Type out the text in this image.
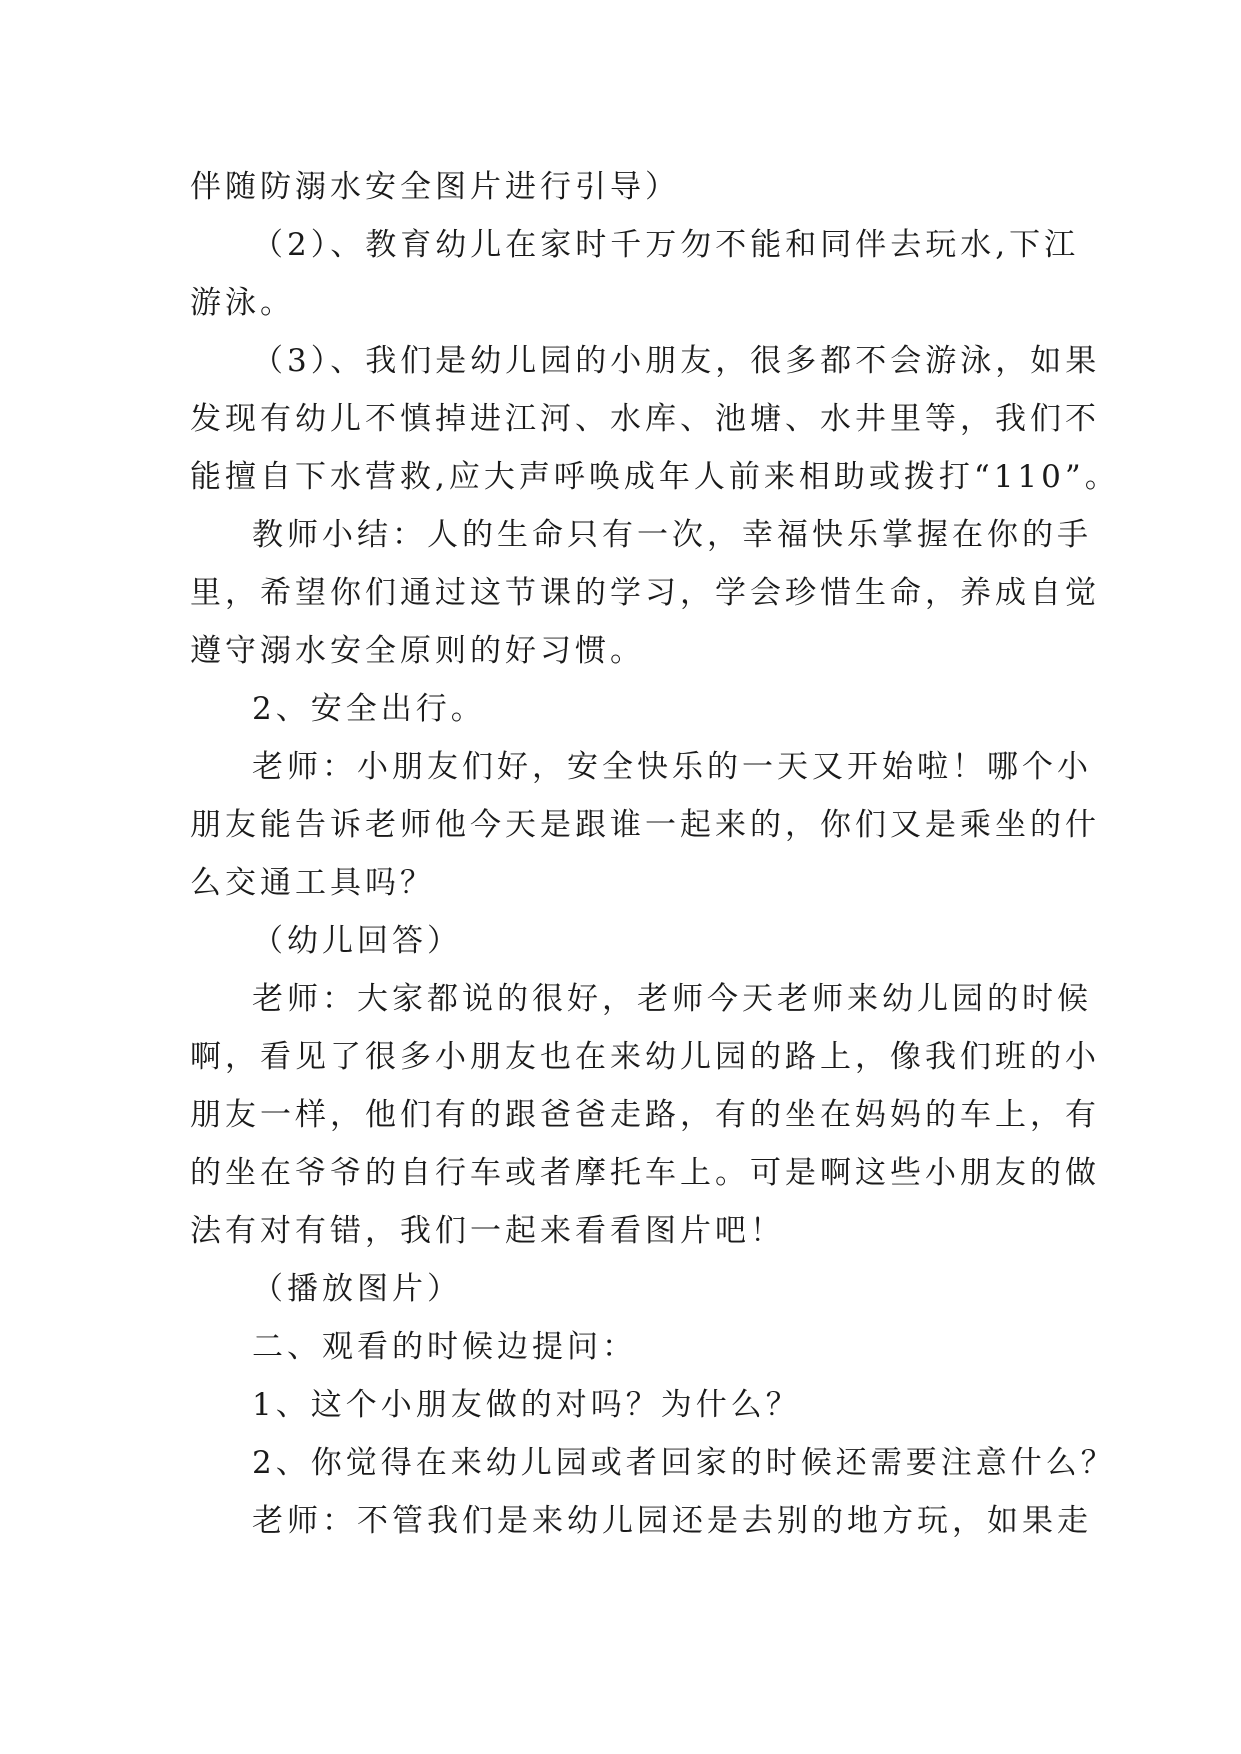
伴随防溺水安全图片进行引导）
（2）、教育幼儿在家时千万勿不能和同伴去玩水,下江
游泳。
（3）、我们是幼儿园的小朋友，很多都不会游泳，如果
发现有幼儿不慎掉进江河、水库、池塘、水井里等，我们不
能擅自下水营救,应大声呼唤成年人前来相助或拨打“110”。
教师小结：人的生命只有一次，幸福快乐掌握在你的手
里，希望你们通过这节课的学习，学会珍惜生命，养成自觉
遵守溺水安全原则的好习惯。
2、安全出行。
老师：小朋友们好，安全快乐的一天又开始啦！哪个小
朋友能告诉老师他今天是跟谁一起来的，你们又是乘坐的什
么交通工具吗？
（幼儿回答）
老师：大家都说的很好，老师今天老师来幼儿园的时候
啊，看见了很多小朋友也在来幼儿园的路上，像我们班的小
朋友一样，他们有的跟爸爸走路，有的坐在妈妈的车上，有
的坐在爷爷的自行车或者摩托车上。可是啊这些小朋友的做
法有对有错，我们一起来看看图片吧！
（播放图片）
二、观看的时候边提问：
1、这个小朋友做的对吗？为什么？
2、你觉得在来幼儿园或者回家的时候还需要注意什么？
老师：不管我们是来幼儿园还是去别的地方玩，如果走
